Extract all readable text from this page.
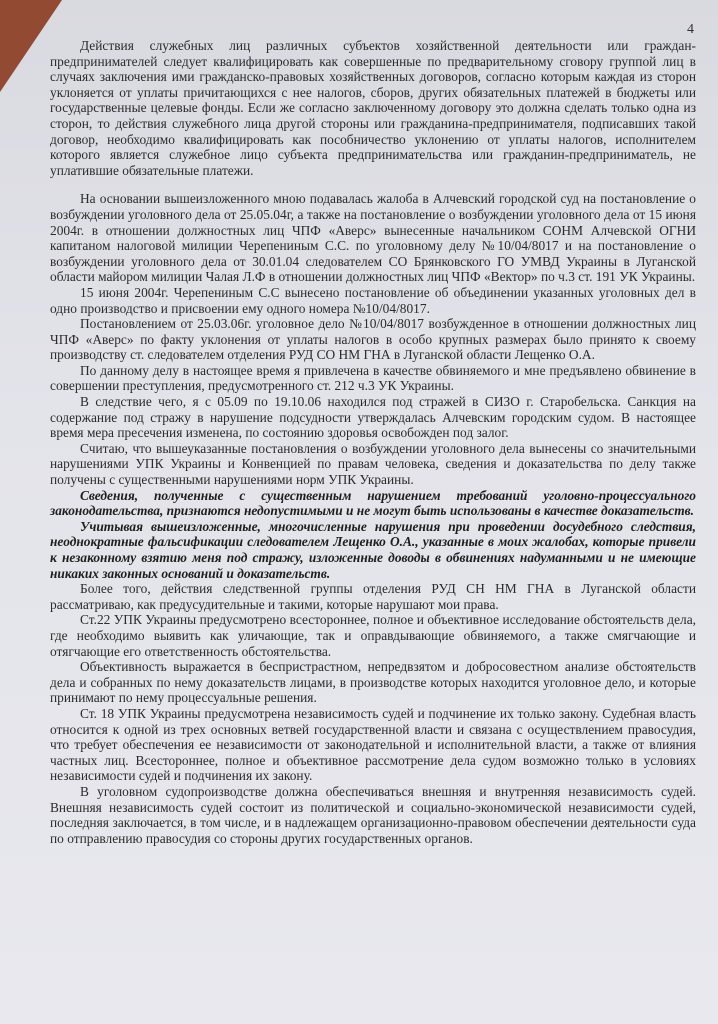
4

Действия служебных лиц различных субъектов хозяйственной деятельности или граждан-предпринимателей следует квалифицировать как совершенные по предварительному сговору группой лиц в случаях заключения ими гражданско-правовых хозяйственных договоров, согласно которым каждая из сторон уклоняется от уплаты причитающихся с нее налогов, сборов, других обязательных платежей в бюджеты или государственные целевые фонды. Если же согласно заключенному договору это должна сделать только одна из сторон, то действия служебного лица другой стороны или гражданина-предпринимателя, подписавших такой договор, необходимо квалифицировать как пособничество уклонению от уплаты налогов, исполнителем которого является служебное лицо субъекта предпринимательства или гражданин-предприниматель, не уплатившие обязательные платежи.

На основании вышеизложенного мною подавалась жалоба в Алчевский городской суд на постановление о возбуждении уголовного дела от 25.05.04г, а также на постановление о возбуждении уголовного дела от 15 июня 2004г. в отношении должностных лиц ЧПФ «Аверс» вынесенные начальником СОНМ Алчевской ОГНИ капитаном налоговой милиции Черепениным С.С. по уголовному делу №10/04/8017 и на постановление о возбуждении уголовного дела от 30.01.04 следователем СО Брянковского ГО УМВД Украины в Луганской области майором милиции Чалая Л.Ф в отношении должностных лиц ЧПФ «Вектор» по ч.3 ст. 191 УК Украины.

15 июня 2004г. Черепениным С.С вынесено постановление об объединении указанных уголовных дел в одно производство и присвоении ему одного номера №10/04/8017.

Постановлением от 25.03.06г. уголовное дело №10/04/8017 возбужденное в отношении должностных лиц ЧПФ «Аверс» по факту уклонения от уплаты налогов в особо крупных размерах было принято к своему производству ст. следователем отделения РУД СО НМ ГНА в Луганской области Лещенко О.А.

По данному делу в настоящее время я привлечена в качестве обвиняемого и мне предъявлено обвинение в совершении преступления, предусмотренного ст. 212 ч.3 УК Украины.

В следствие чего, я с 05.09 по 19.10.06 находился под стражей в СИЗО г. Старобельска. Санкция на содержание под стражу в нарушение подсудности утверждалась Алчевским городским судом. В настоящее время мера пресечения изменена, по состоянию здоровья освобожден под залог.

Считаю, что вышеуказанные постановления о возбуждении уголовного дела вынесены со значительными нарушениями УПК Украины и Конвенцией по правам человека, сведения и доказательства по делу также получены с существенными нарушениями норм УПК Украины.

Сведения, полученные с существенным нарушением требований уголовно-процессуального законодательства, признаются недопустимыми и не могут быть использованы в качестве доказательств.

Учитывая вышеизложенные, многочисленные нарушения при проведении досудебного следствия, неоднократные фальсификации следователем Лещенко О.А., указанные в моих жалобах, которые привели к незаконному взятию меня под стражу, изложенные доводы в обвинениях надуманными и не имеющие никаких законных оснований и доказательств.

Более того, действия следственной группы отделения РУД СН НМ ГНА в Луганской области рассматриваю, как предусудительные и такими, которые нарушают мои права.

Ст.22 УПК Украины предусмотрено всестороннее, полное и объективное исследование обстоятельств дела, где необходимо выявить как уличающие, так и оправдывающие обвиняемого, а также смягчающие и отягчающие его ответственность обстоятельства.

Объективность выражается в беспристрастном, непредвзятом и добросовестном анализе обстоятельств дела и собранных по нему доказательств лицами, в производстве которых находится уголовное дело, и которые принимают по нему процессуальные решения.

Ст. 18 УПК Украины предусмотрена независимость судей и подчинение их только закону. Судебная власть относится к одной из трех основных ветвей государственной власти и связана с осуществлением правосудия, что требует обеспечения ее независимости от законодательной и исполнительной власти, а также от влияния частных лиц. Всестороннее, полное и объективное рассмотрение дела судом возможно только в условиях независимости судей и подчинения их закону.

В уголовном судопроизводстве должна обеспечиваться внешняя и внутренняя независимость судей. Внешняя независимость судей состоит из политической и социально-экономической независимости судей, последняя заключается, в том числе, и в надлежащем организационно-правовом обеспечении деятельности суда по отправлению правосудия со стороны других государственных органов.
